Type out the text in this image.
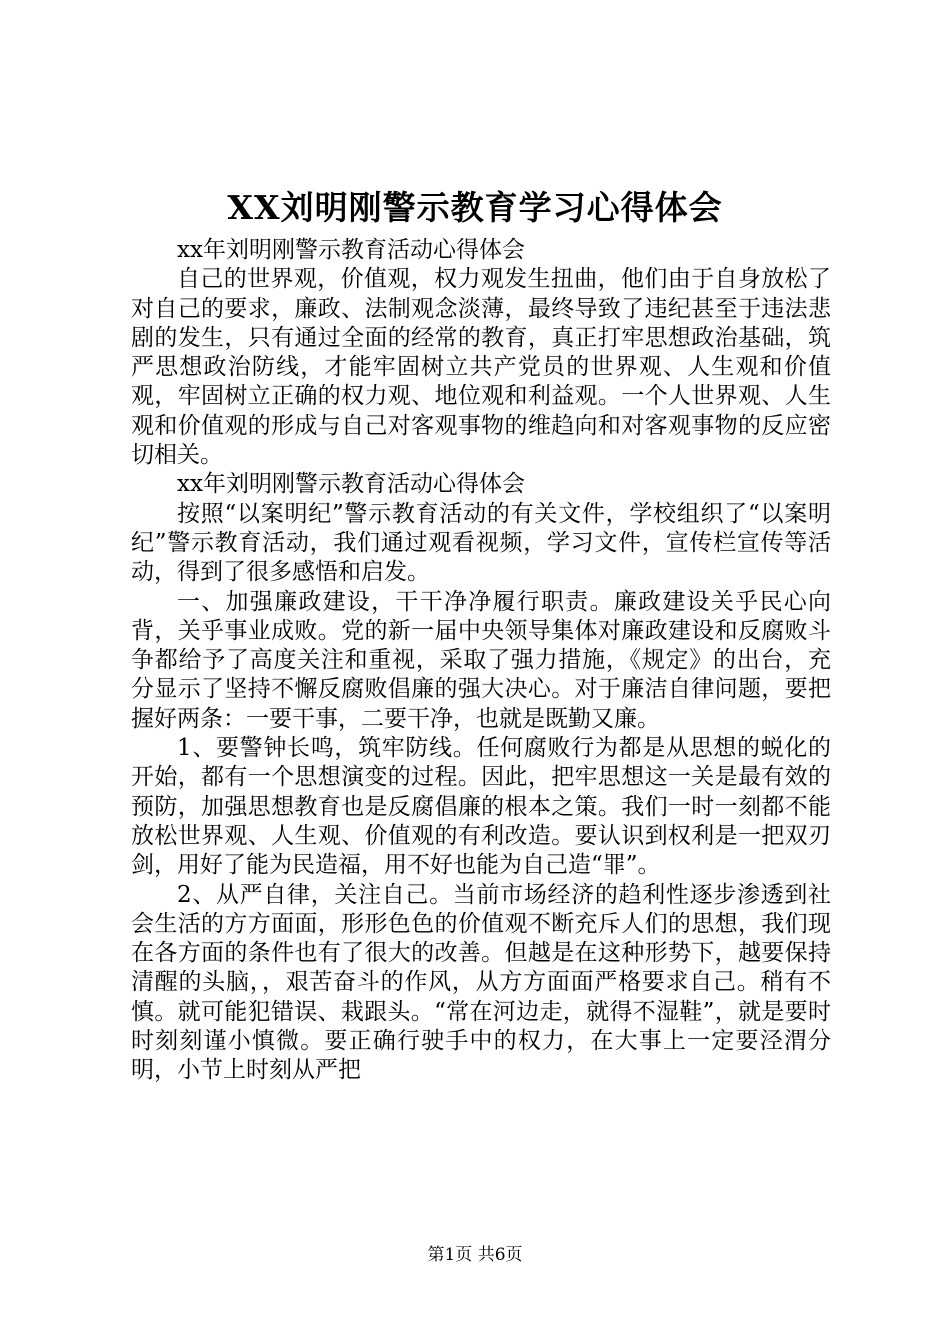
XX刘明刚警示教育学习心得体会

xx年刘明刚警示教育活动心得体会

自己的世界观，价值观，权力观发生扭曲，他们由于自身放松了对自己的要求，廉政、法制观念淡薄，最终导致了违纪甚至于违法悲剧的发生，只有通过全面的经常的教育，真正打牢思想政治基础，筑严思想政治防线，才能牢固树立共产党员的世界观、人生观和价值观，牢固树立正确的权力观、地位观和利益观。一个人世界观、人生观和价值观的形成与自己对客观事物的维趋向和对客观事物的反应密切相关。

xx年刘明刚警示教育活动心得体会

按照“以案明纪”警示教育活动的有关文件，学校组织了“以案明纪”警示教育活动，我们通过观看视频，学习文件，宣传栏宣传等活动，得到了很多感悟和启发。

一、加强廉政建设，干干净净履行职责。廉政建设关乎民心向背，关乎事业成败。党的新一届中央领导集体对廉政建设和反腐败斗争都给予了高度关注和重视，采取了强力措施，《规定》的出台，充分显示了坚持不懈反腐败倡廉的强大决心。对于廉洁自律问题，要把握好两条：一要干事，二要干净，也就是既勤又廉。

1、要警钟长鸣，筑牢防线。任何腐败行为都是从思想的蜕化的开始，都有一个思想演变的过程。因此，把牢思想这一关是最有效的预防，加强思想教育也是反腐倡廉的根本之策。我们一时一刻都不能放松世界观、人生观、价值观的有利改造。要认识到权利是一把双刃剑，用好了能为民造福，用不好也能为自己造“罪”。

2、从严自律，关注自己。当前市场经济的趋利性逐步渗透到社会生活的方方面面，形形色色的价值观不断充斥人们的思想，我们现在各方面的条件也有了很大的改善。但越是在这种形势下，越要保持清醒的头脑，，艰苦奋斗的作风，从方方面面严格要求自己。稍有不慎。就可能犯错误、栽跟头。“常在河边走，就得不湿鞋”，就是要时时刻刻谨小慎微。要正确行驶手中的权力，在大事上一定要泾渭分明，小节上时刻从严把

第1页 共6页
